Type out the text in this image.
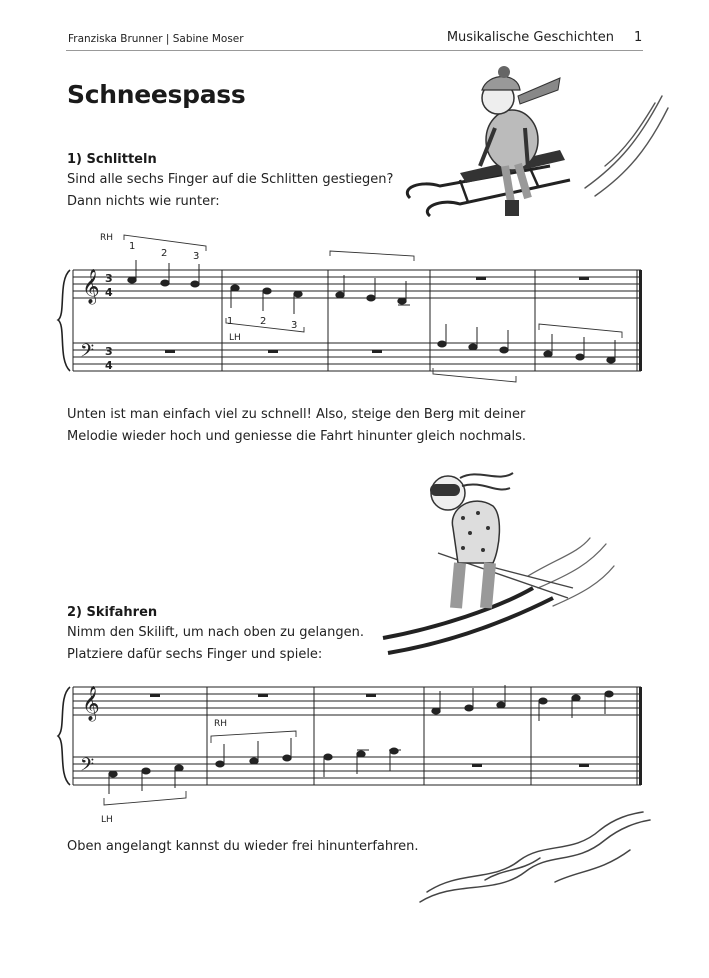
Franziska Brunner | Sabine Moser	Musikalische Geschichten 1
Schneespass
1) Schlitteln
Sind alle sechs Finger auf die Schlitten gestiegen?
Dann nichts wie runter:
𝄞
𝄢
3
4
3
4
RH
1
2	3
1	2 3
LH
Unten ist man einfach viel zu schnell! Also, steige den Berg mit deiner
Melodie wieder hoch und geniesse die Fahrt hinunter gleich nochmals.
2) Skifahren
Nimm den Skilift, um nach oben zu gelangen.
Platziere dafür sechs Finger und spiele:
𝄞
𝄢
RH
LH
Oben angelangt kannst du wieder frei hinunterfahren.
